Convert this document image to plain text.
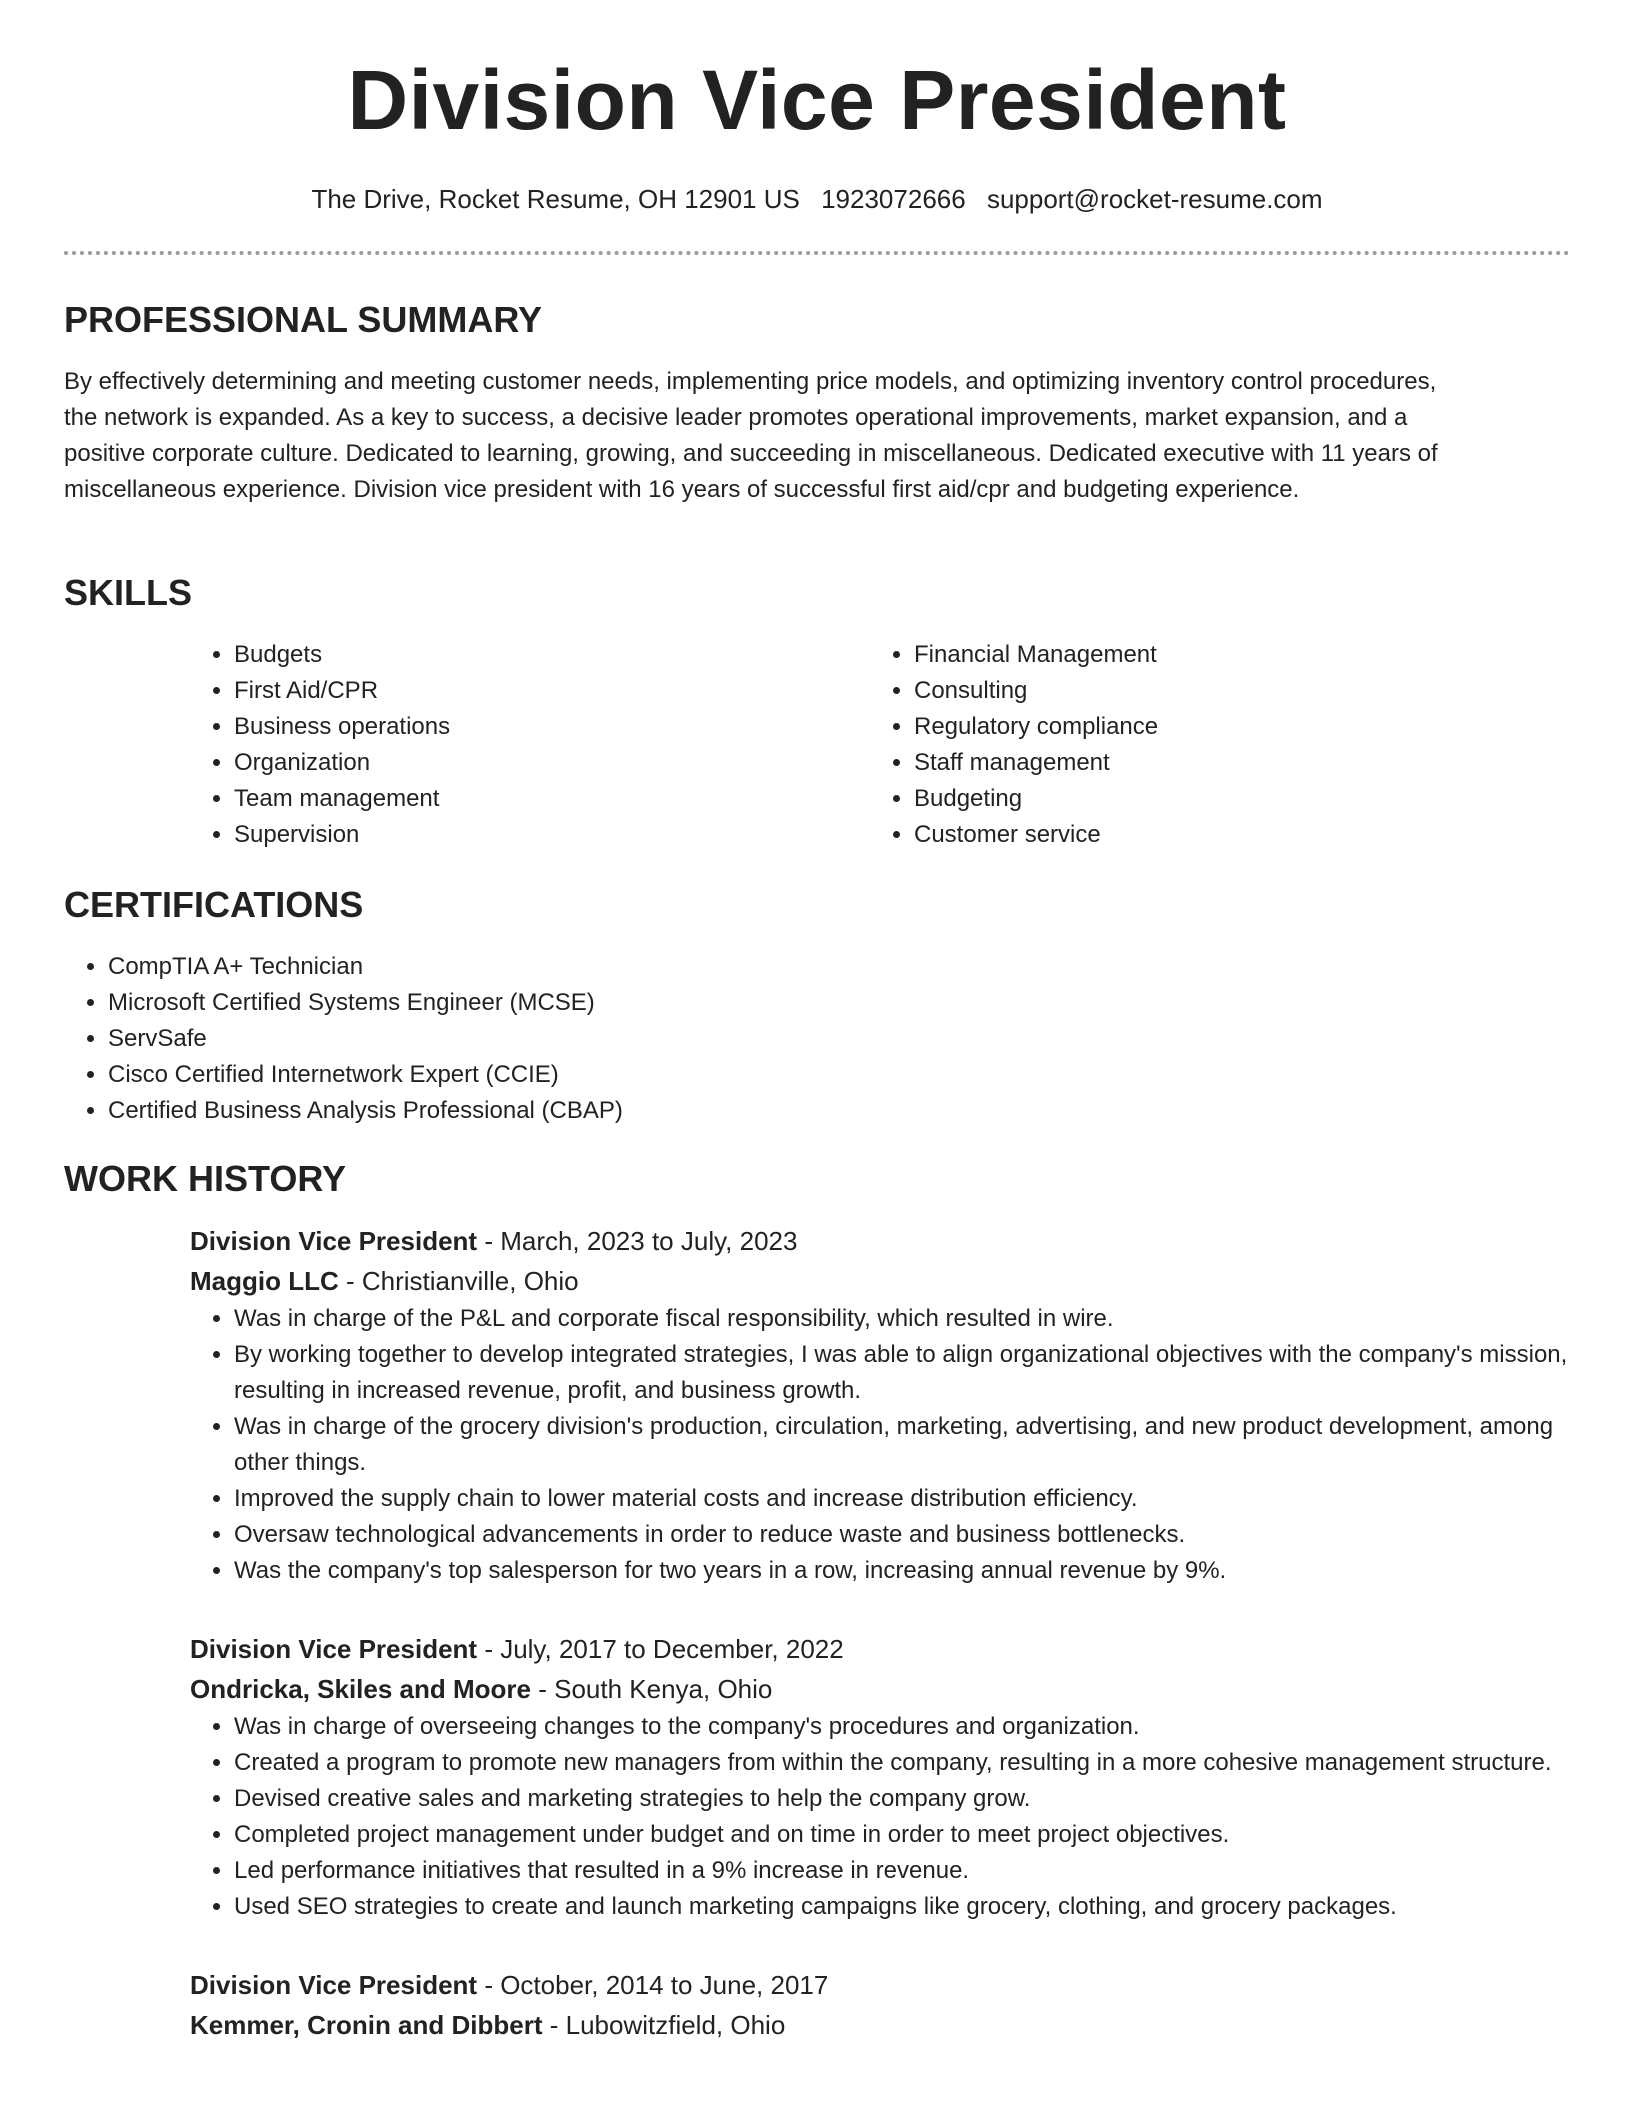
Division Vice President
The Drive, Rocket Resume, OH 12901 US 1923072666 support@rocket-resume.com
PROFESSIONAL SUMMARY

By effectively determining and meeting customer needs, implementing price models, and optimizing inventory control procedures, the network is expanded. As a key to success, a decisive leader promotes operational improvements, market expansion, and a positive corporate culture. Dedicated to learning, growing, and succeeding in miscellaneous. Dedicated executive with 11 years of miscellaneous experience. Division vice president with 16 years of successful first aid/cpr and budgeting experience.

SKILLS
• Budgets
• First Aid/CPR
• Business operations
• Organization
• Team management
• Supervision
• Financial Management
• Consulting
• Regulatory compliance
• Staff management
• Budgeting
• Customer service
CERTIFICATIONS
• CompTIA A+ Technician
• Microsoft Certified Systems Engineer (MCSE)
• ServSafe
• Cisco Certified Internetwork Expert (CCIE)
• Certified Business Analysis Professional (CBAP)
WORK HISTORY
Division Vice President - March, 2023 to July, 2023
Maggio LLC - Christianville, Ohio
• Was in charge of the P&L and corporate fiscal responsibility, which resulted in wire.
• By working together to develop integrated strategies, I was able to align organizational objectives with the company's mission, resulting in increased revenue, profit, and business growth.
• Was in charge of the grocery division's production, circulation, marketing, advertising, and new product development, among other things.
• Improved the supply chain to lower material costs and increase distribution efficiency.
• Oversaw technological advancements in order to reduce waste and business bottlenecks.
• Was the company's top salesperson for two years in a row, increasing annual revenue by 9%.
Division Vice President - July, 2017 to December, 2022
Ondricka, Skiles and Moore - South Kenya, Ohio
• Was in charge of overseeing changes to the company's procedures and organization.
• Created a program to promote new managers from within the company, resulting in a more cohesive management structure.
• Devised creative sales and marketing strategies to help the company grow.
• Completed project management under budget and on time in order to meet project objectives.
• Led performance initiatives that resulted in a 9% increase in revenue.
• Used SEO strategies to create and launch marketing campaigns like grocery, clothing, and grocery packages.
Division Vice President - October, 2014 to June, 2017
Kemmer, Cronin and Dibbert - Lubowitzfield, Ohio
